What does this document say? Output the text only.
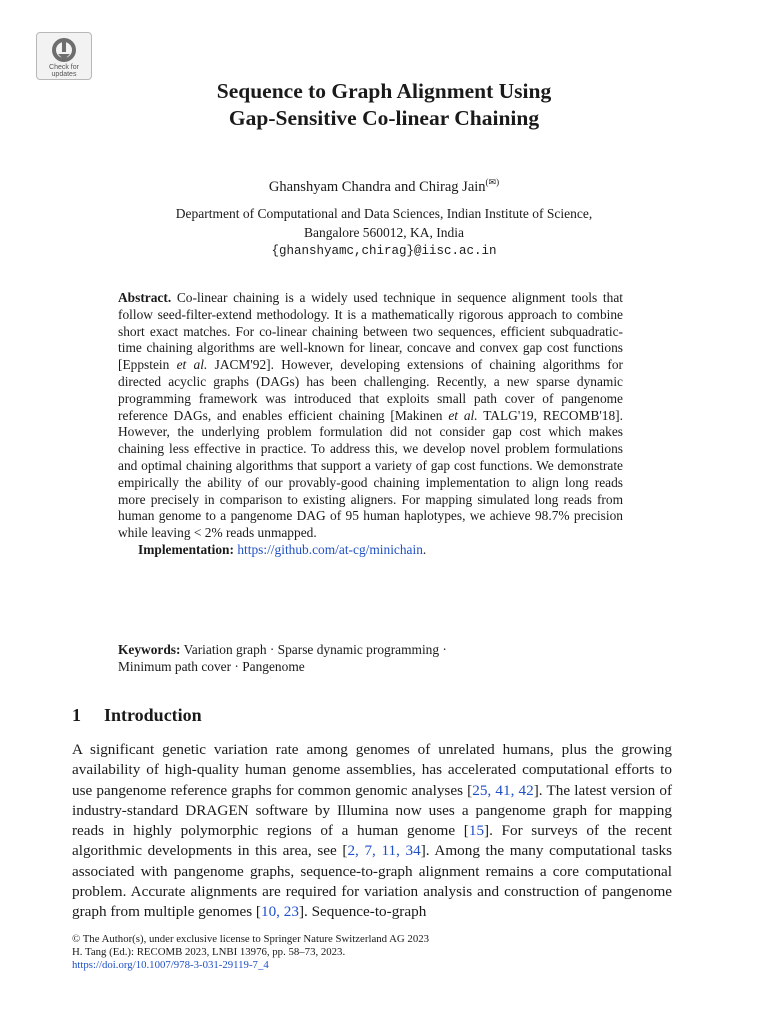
Check for
updates
Sequence to Graph Alignment Using
Gap-Sensitive Co-linear Chaining
Ghanshyam Chandra and Chirag Jain(✉)
Department of Computational and Data Sciences, Indian Institute of Science,
Bangalore 560012, KA, India
{ghanshyamc,chirag}@iisc.ac.in

Abstract. Co-linear chaining is a widely used technique in sequence alignment tools that follow seed-filter-extend methodology. It is a mathematically rigorous approach to combine short exact matches. For co-linear chaining between two sequences, efficient subquadratic-time chaining algorithms are well-known for linear, concave and convex gap cost functions [Eppstein et al. JACM'92]. However, developing extensions of chaining algorithms for directed acyclic graphs (DAGs) has been challenging. Recently, a new sparse dynamic programming framework was introduced that exploits small path cover of pangenome reference DAGs, and enables efficient chaining [Makinen et al. TALG'19, RECOMB'18]. However, the underlying problem formulation did not consider gap cost which makes chaining less effective in practice. To address this, we develop novel problem formulations and optimal chaining algorithms that support a variety of gap cost functions. We demonstrate empirically the ability of our provably-good chaining implementation to align long reads more precisely in comparison to existing aligners. For mapping simulated long reads from human genome to a pangenome DAG of 95 human haplotypes, we achieve 98.7% precision while leaving < 2% reads unmapped.

Implementation: https://github.com/at-cg/minichain.

Keywords: Variation graph · Sparse dynamic programming ·
Minimum path cover · Pangenome
1 Introduction

A significant genetic variation rate among genomes of unrelated humans, plus the growing availability of high-quality human genome assemblies, has accelerated computational efforts to use pangenome reference graphs for common genomic analyses [25, 41, 42]. The latest version of industry-standard DRAGEN software by Illumina now uses a pangenome graph for mapping reads in highly polymorphic regions of a human genome [15]. For surveys of the recent algorithmic developments in this area, see [2, 7, 11, 34]. Among the many computational tasks associated with pangenome graphs, sequence-to-graph alignment remains a core computational problem. Accurate alignments are required for variation analysis and construction of pangenome graph from multiple genomes [10, 23]. Sequence-to-graph

© The Author(s), under exclusive license to Springer Nature Switzerland AG 2023
H. Tang (Ed.): RECOMB 2023, LNBI 13976, pp. 58–73, 2023.
https://doi.org/10.1007/978-3-031-29119-7_4
